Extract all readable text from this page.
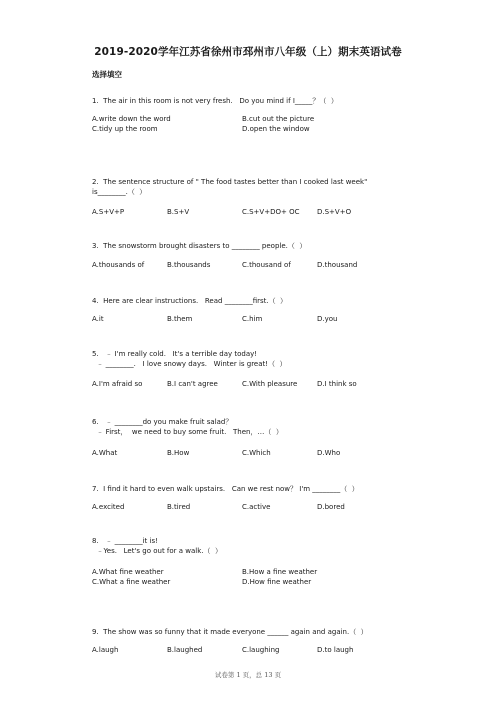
2019-2020学年江苏省徐州市邳州市八年级（上）期末英语试卷
选择填空
1.  The air in this room is not very fresh.   Do you mind if I_____？（  ）
A.write down the word	B.cut out the picture
C.tidy up the room	D.open the window
2.  The sentence structure of " The food tastes better than I cooked last week"
is________.（  ）
A.S+V+P	B.S+V	C.S+V+DO+ OC	D.S+V+O
3.  The snowstorm brought disasters to ________ people.（  ）
A.thousands of	B.thousands	C.thousand of	D.thousand
4.  Here are clear instructions.   Read ________first.（  ）
A.it	B.them	C.him	D.you
5.   ﹣ I'm really cold.   It's a terrible day today!
﹣ ________.   I love snowy days.   Winter is great!（  ）
A.I'm afraid so	B.I can't agree	C.With pleasure	D.I think so
6.   ﹣ ________do you make fruit salad？
﹣ First，  we need to buy some fruit.   Then，…（  ）
A.What	B.How	C.Which	D.Who
7.  I find it hard to even walk upstairs.   Can we rest now？ I'm ________（  ）
A.excited	B.tired	C.active	D.bored
8.   ﹣ ________it is!
﹣Yes.   Let's go out for a walk.（  ）
A.What fine weather	B.How a fine weather
C.What a fine weather	D.How fine weather
9.  The show was so funny that it made everyone ______ again and again.（  ）
A.laugh	B.laughed	C.laughing	D.to laugh
试卷第 1 页，总 13 页
